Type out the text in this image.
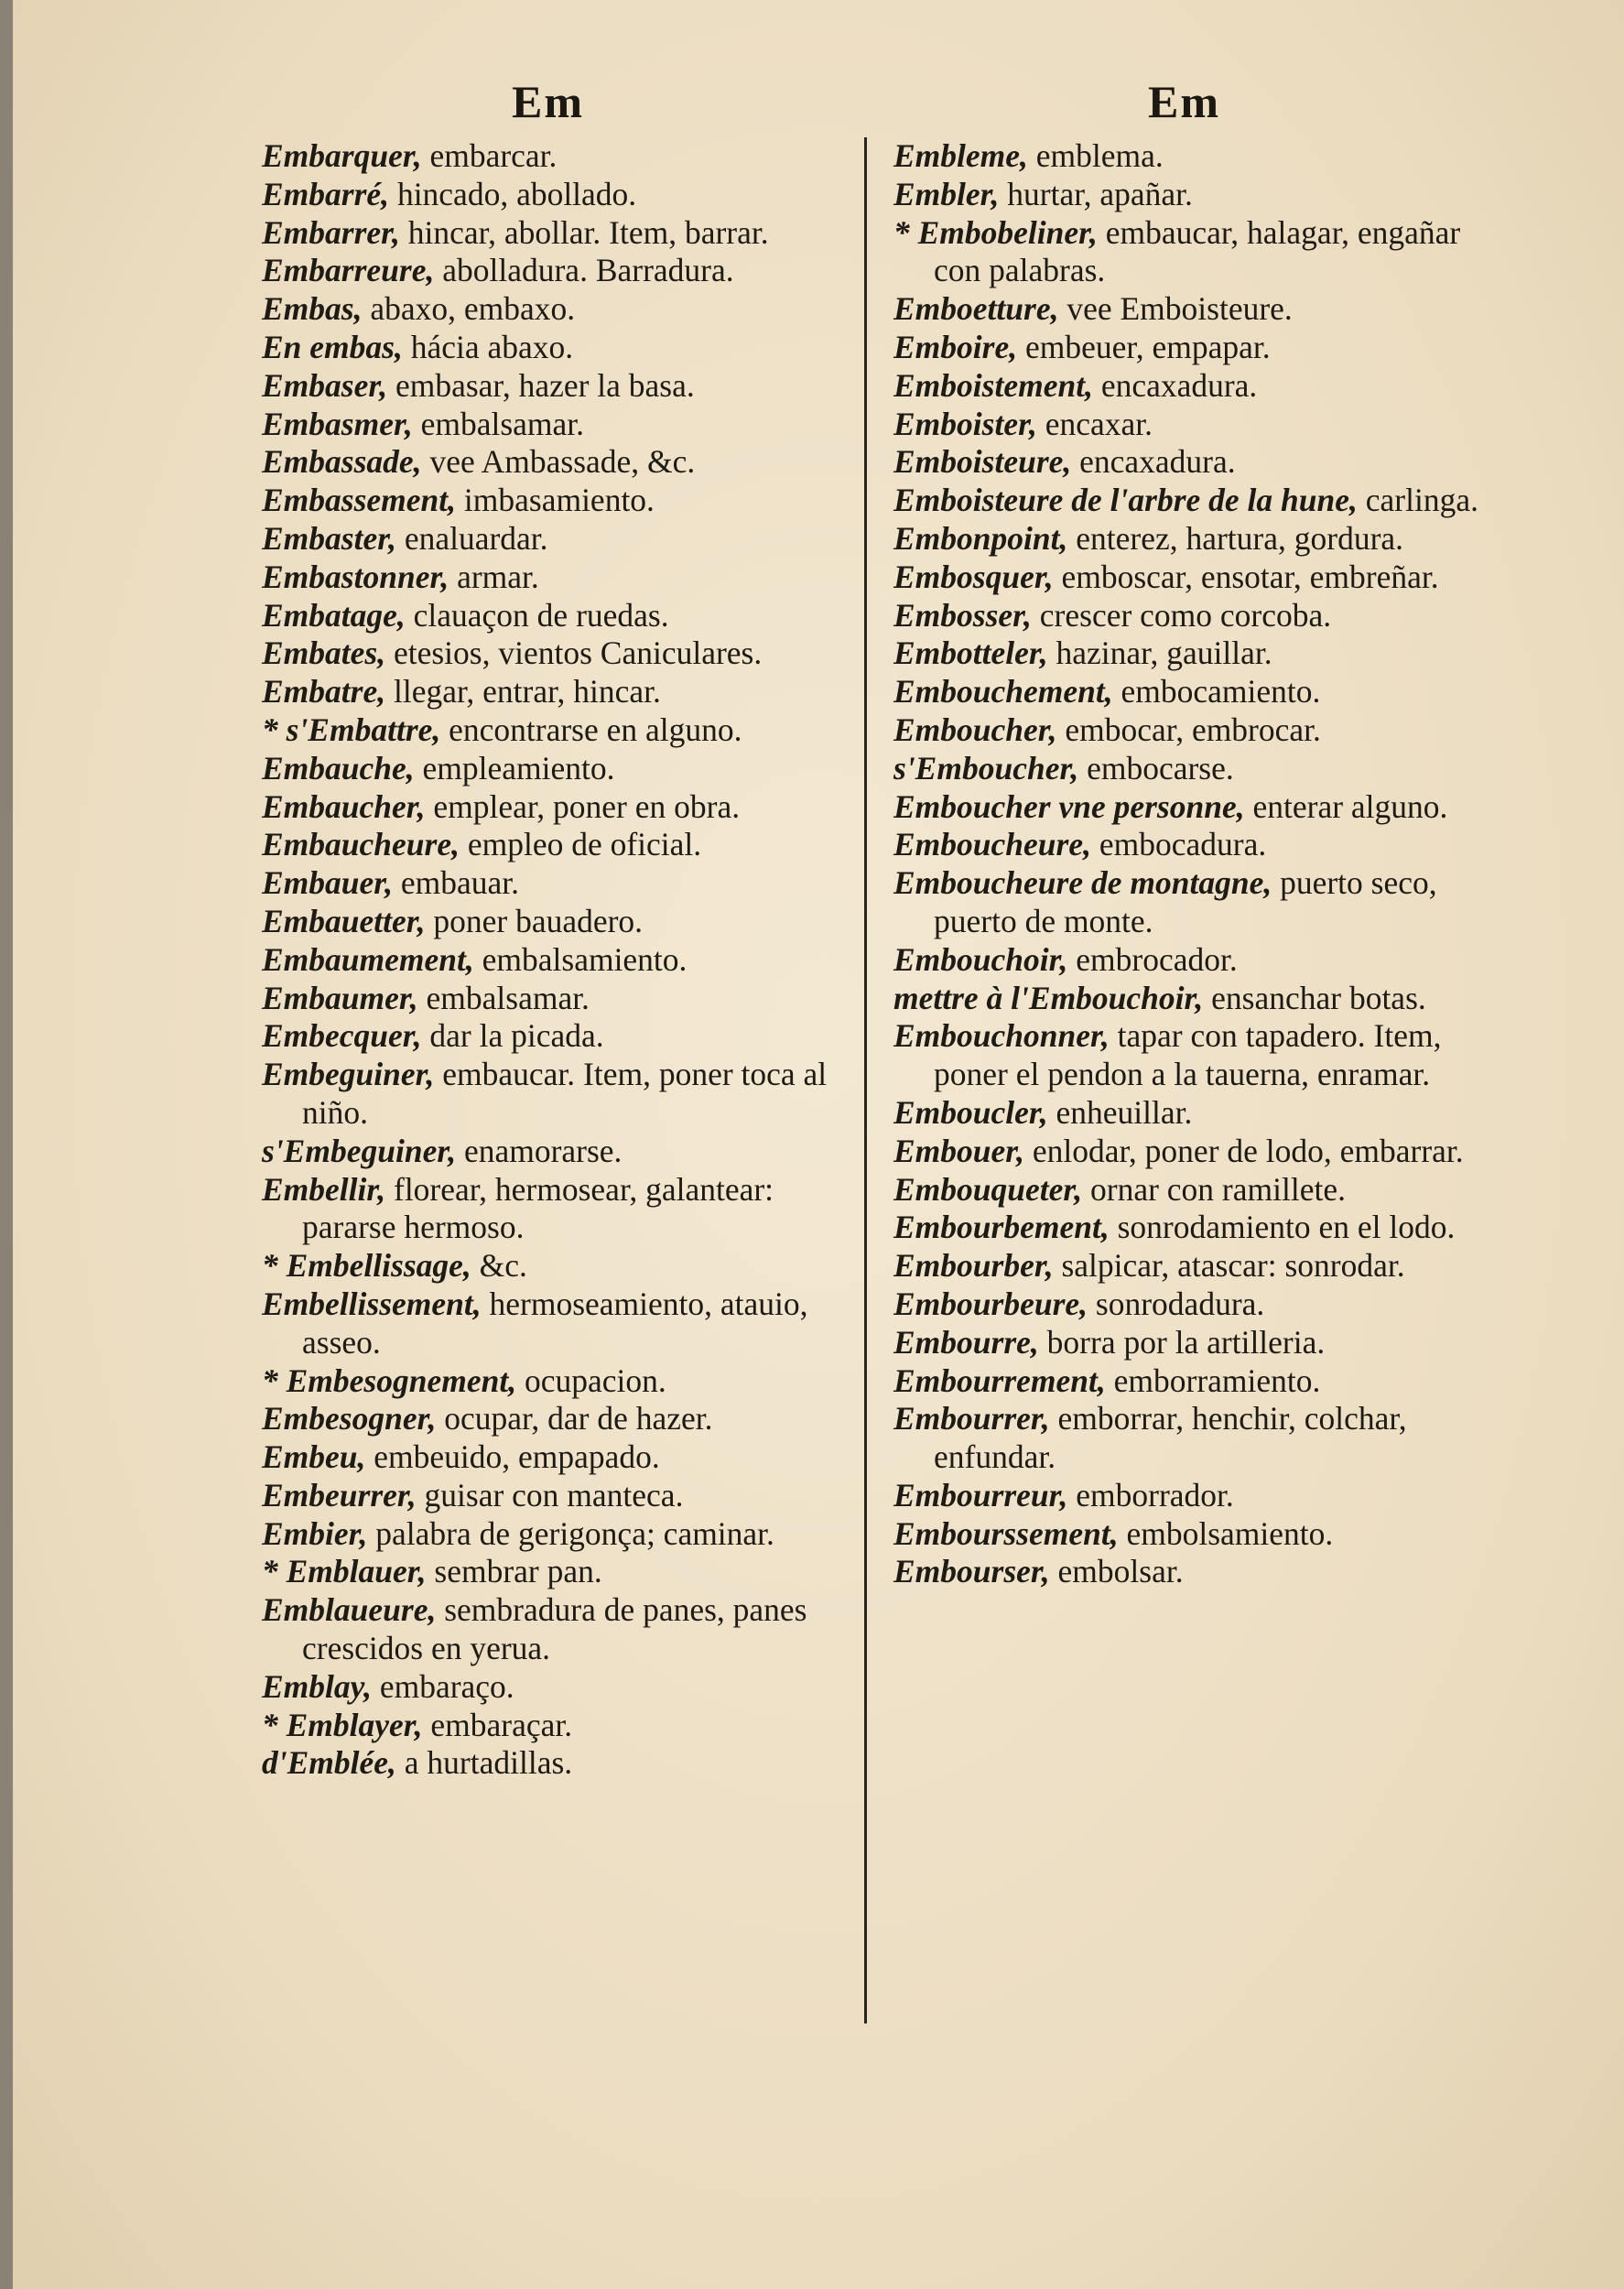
Em	Em
Embarquer, embarcar.
Embarré, hincado, abollado.
Embarrer, hincar, abollar. Item, barrar.
Embarreure, abolladura. Barradura.
Embas, abaxo, embaxo.
En embas, hácia abaxo.
Embaser, embasar, hazer la basa.
Embasmer, embalsamar.
Embassade, vee Ambassade, &c.
Embassement, imbasamiento.
Embaster, enaluardar.
Embastonner, armar.
Embatage, clauaçon de ruedas.
Embates, etesios, vientos Caniculares.
Embatre, llegar, entrar, hincar.
* s'Embattre, encontrarse en alguno.
Embauche, empleamiento.
Embaucher, emplear, poner en obra.
Embaucheure, empleo de oficial.
Embauer, embauar.
Embauetter, poner bauadero.
Embaumement, embalsamiento.
Embaumer, embalsamar.
Embecquer, dar la picada.
Embeguiner, embaucar. Item, poner toca al niño.
s'Embeguiner, enamorarse.
Embellir, florear, hermosear, galantear: pararse hermoso.
* Embellissage, &c.
Embellissement, hermoseamiento, atauio, asseo.
* Embesognement, ocupacion.
Embesogner, ocupar, dar de hazer.
Embeu, embeuido, empapado.
Embeurrer, guisar con manteca.
Embier, palabra de gerigonça; caminar.
* Emblauer, sembrar pan.
Emblaueure, sembradura de panes, panes crescidos en yerua.
Emblay, embaraço.
* Emblayer, embaraçar.
d'Emblée, a hurtadillas.
Embleme, emblema.
Embler, hurtar, apañar.
* Embobeliner, embaucar, halagar, engañar con palabras.
Emboetture, vee Emboisteure.
Emboire, embeuer, empapar.
Emboistement, encaxadura.
Emboister, encaxar.
Emboisteure, encaxadura.
Emboisteure de l'arbre de la hune, carlinga.
Embonpoint, enterez, hartura, gordura.
Embosquer, emboscar, ensotar, embreñar.
Embosser, crescer como corcoba.
Embotteler, hazinar, gauillar.
Embouchement, embocamiento.
Emboucher, embocar, embrocar.
s'Emboucher, embocarse.
Emboucher vne personne, enterar alguno.
Emboucheure, embocadura.
Emboucheure de montagne, puerto seco, puerto de monte.
Embouchoir, embrocador.
mettre à l'Embouchoir, ensanchar botas.
Embouchonner, tapar con tapadero. Item, poner el pendon a la tauerna, enramar.
Emboucler, enheuillar.
Embouer, enlodar, poner de lodo, embarrar.
Embouqueter, ornar con ramillete.
Embourbement, sonrodamiento en el lodo.
Embourber, salpicar, atascar: sonrodar.
Embourbeure, sonrodadura.
Embourre, borra por la artilleria.
Embourrement, emborramiento.
Embourrer, emborrar, henchir, colchar, enfundar.
Embourreur, emborrador.
Embourssement, embolsamiento.
Embourser, embolsar.
